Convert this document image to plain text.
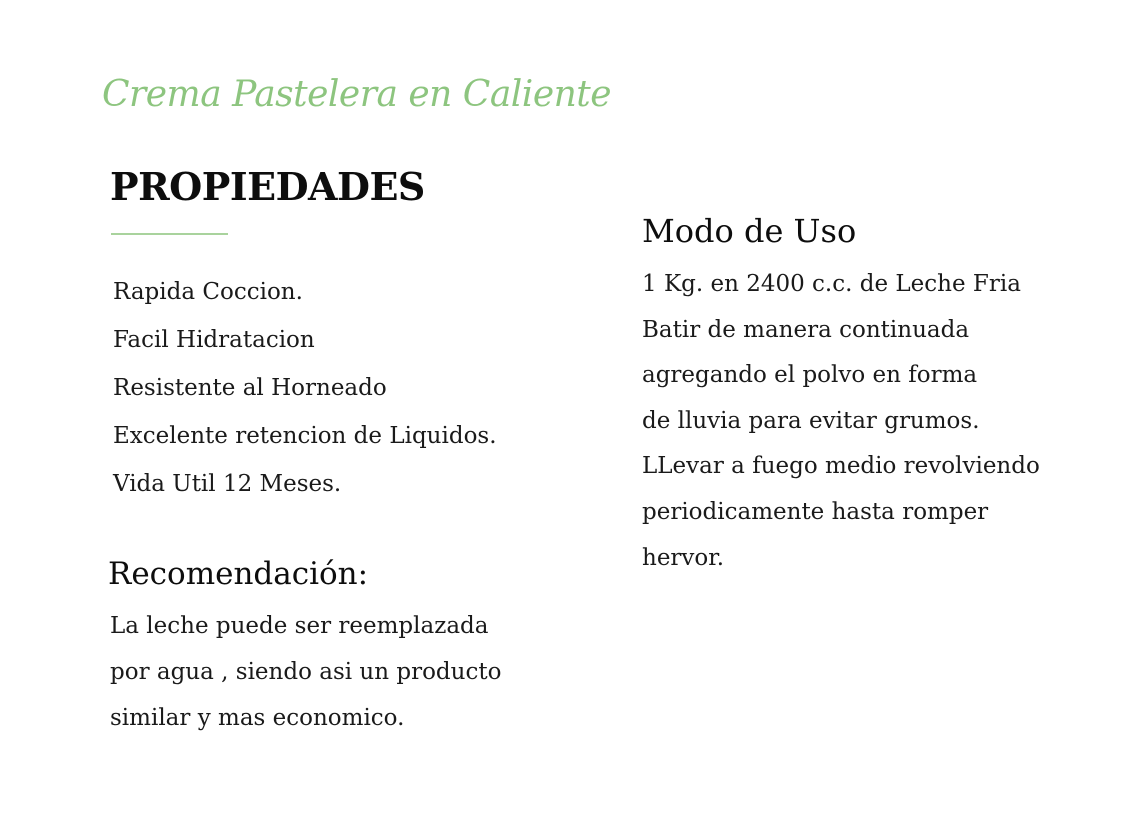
Crema Pastelera en Caliente
PROPIEDADES
Rapida Coccion.
Facil Hidratacion
Resistente al Horneado
Excelente retencion de Liquidos.
Vida Util 12 Meses.
Recomendación:
La leche puede ser reemplazada
por agua , siendo asi un producto
similar y mas economico.
Modo de Uso
1 Kg. en 2400 c.c. de Leche Fria
Batir de manera continuada
agregando el polvo en forma
de lluvia para evitar grumos.
LLevar a fuego medio revolviendo
periodicamente hasta romper
hervor.
